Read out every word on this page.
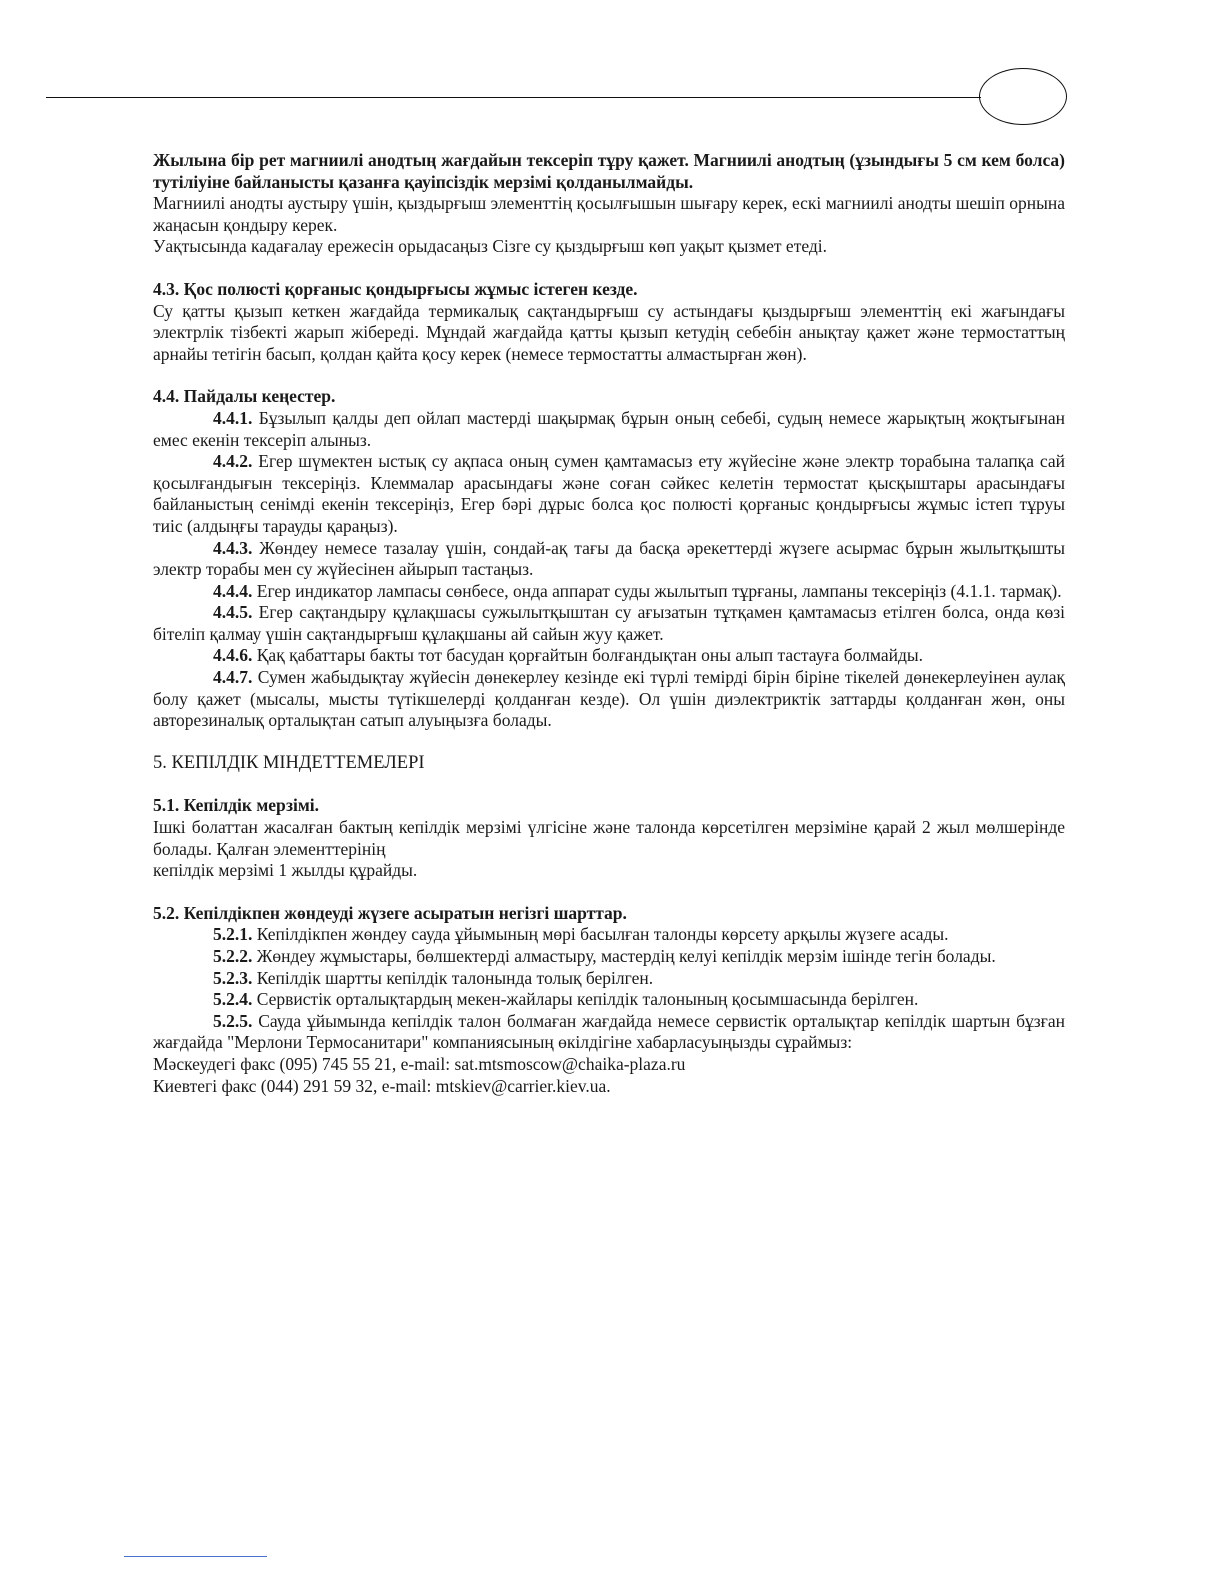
Жылына бір рет магниилі анодтың жағдайын тексеріп тұру қажет. Магниилі анодтың (ұзындығы 5 см кем болса) тутіліуіне байланысты қазанға қауіпсіздік мерзімі қолданылмайды.

Магниилі анодты аустыру үшін, қыздырғыш элементтің қосылғышын шығару керек, ескі магниилі анодты шешіп орнына жаңасын қондыру керек.

Уақтысында кадағалау ережесін орыдасаңыз Сізге су қыздырғыш көп уақыт қызмет етеді.

4.3. Қос полюсті қорғаныс қондырғысы жұмыс істеген кезде.

Су қатты қызып кеткен жағдайда термикалық сақтандырғыш су астындағы қыздырғыш элементтің екі жағындағы электрлік тізбекті жарып жібереді. Мұндай жағдайда қатты қызып кетудің себебін анықтау қажет және термостаттың арнайы тетігін басып, қолдан қайта қосу керек (немесе термостатты алмастырған жөн).

4.4. Пайдалы кеңестер.

4.4.1. Бұзылып қалды деп ойлап мастерді шақырмақ бұрын оның себебі, судың немесе жарықтың жоқтығынан емес екенін тексеріп алыныз.

4.4.2. Егер шүмектен ыстық су ақпаса оның сумен қамтамасыз ету жүйесіне және электр торабына талапқа сай қосылғандығын тексеріңіз. Клеммалар арасындағы және соған сәйкес келетін термостат қысқыштары арасындағы байланыстың сенімді екенін тексеріңіз, Егер бәрі дұрыс болса қос полюсті қорғаныс қондырғысы жұмыс істеп тұруы тиіс (алдыңғы тарауды қараңыз).

4.4.3. Жөндеу немесе тазалау үшін, сондай-ақ тағы да басқа әрекеттерді жүзеге асырмас бұрын жылытқышты электр торабы мен су жүйесінен айырып тастаңыз.

4.4.4. Егер индикатор лампасы сөнбесе, онда аппарат суды жылытып тұрғаны, лампаны тексеріңіз (4.1.1. тармақ).

4.4.5. Егер сақтандыру құлақшасы сужылытқыштан су ағызатын тұтқамен қамтамасыз етілген болса, онда көзі бітеліп қалмау үшін сақтандырғыш құлақшаны ай сайын жуу қажет.

4.4.6. Қақ қабаттары бакты тот басудан қорғайтын болғандықтан оны алып тастауға болмайды.

4.4.7. Сумен жабыдықтау жүйесін дөнекерлеу кезінде екі түрлі темірді бірін біріне тікелей дөнекерлеуінен аулақ болу қажет (мысалы, мысты түтікшелерді қолданған кезде). Ол үшін диэлектриктік заттарды қолданған жөн, оны авторезиналық орталықтан сатып алуыңызға болады.

5. КЕПІЛДІК МІНДЕТТЕМЕЛЕРІ

5.1. Кепілдік мерзімі.

Ішкі болаттан жасалған бактың кепілдік мерзімі үлгісіне және талонда көрсетілген мерзіміне қарай 2 жыл мөлшерінде болады. Қалған элементтерінің

кепілдік мерзімі 1 жылды құрайды.

5.2. Кепілдікпен жөндеуді жүзеге асыратын негізгі шарттар.

5.2.1. Кепілдікпен жөндеу сауда ұйымының мөрі басылған талонды көрсету арқылы жүзеге асады.

5.2.2. Жөндеу жұмыстары, бөлшектерді алмастыру, мастердің келуі кепілдік мерзім ішінде тегін болады.

5.2.3. Кепілдік шартты кепілдік талонында толық берілген.

5.2.4. Сервистік орталықтардың мекен-жайлары кепілдік талонының қосымшасында берілген.

5.2.5. Сауда ұйымында кепілдік талон болмаған жағдайда немесе сервистік орталықтар кепілдік шартын бұзған жағдайда "Мерлони Термосанитари" компаниясының өкілдігіне хабарласуыңызды сұраймыз:

Мәскеудегі факс (095) 745 55 21, e-mail: sat.mtsmoscow@chaika-plaza.ru

Киевтегі факс (044) 291 59 32, e-mail: mtskiev@carrier.kiev.ua.
